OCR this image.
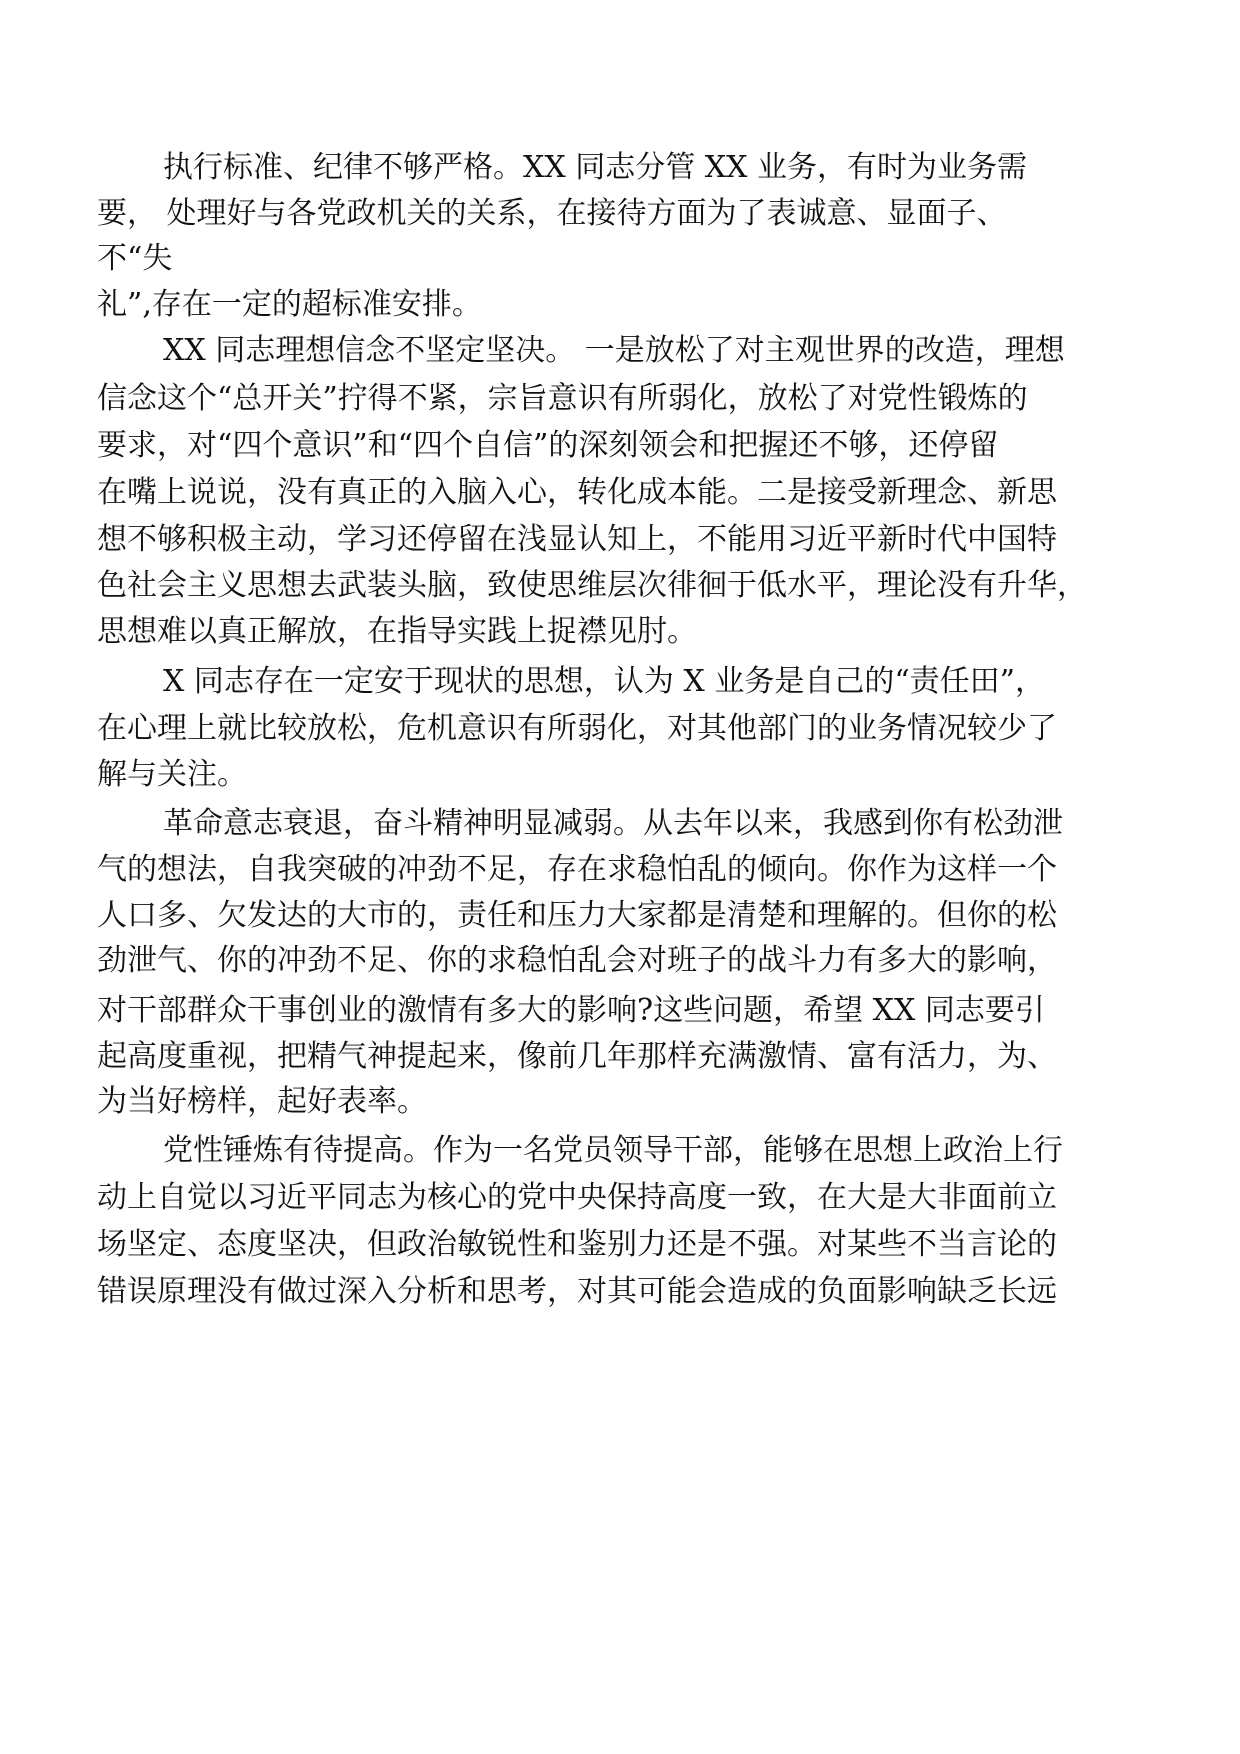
执行标准、纪律不够严格。XX 同志分管 XX 业务，有时为业务需

要， 处理好与各党政机关的关系，在接待方面为了表诚意、显面子、

不“失

礼”,存在一定的超标准安排。

XX 同志理想信念不坚定坚决。 一是放松了对主观世界的改造，理想

信念这个“总开关”拧得不紧，宗旨意识有所弱化，放松了对党性锻炼的

要求，对“四个意识”和“四个自信”的深刻领会和把握还不够，还停留

在嘴上说说，没有真正的入脑入心，转化成本能。二是接受新理念、新思

想不够积极主动，学习还停留在浅显认知上，不能用习近平新时代中国特

色社会主义思想去武装头脑，致使思维层次徘徊于低水平，理论没有升华，

思想难以真正解放，在指导实践上捉襟见肘。

X 同志存在一定安于现状的思想，认为 X 业务是自己的“责任田”，

在心理上就比较放松，危机意识有所弱化，对其他部门的业务情况较少了

解与关注。

革命意志衰退，奋斗精神明显减弱。从去年以来，我感到你有松劲泄

气的想法，自我突破的冲劲不足，存在求稳怕乱的倾向。你作为这样一个

人口多、欠发达的大市的，责任和压力大家都是清楚和理解的。但你的松

劲泄气、你的冲劲不足、你的求稳怕乱会对班子的战斗力有多大的影响，

对干部群众干事创业的激情有多大的影响?这些问题，希望 XX 同志要引

起高度重视，把精气神提起来，像前几年那样充满激情、富有活力，为、

为当好榜样，起好表率。

党性锤炼有待提高。作为一名党员领导干部，能够在思想上政治上行

动上自觉以习近平同志为核心的党中央保持高度一致，在大是大非面前立

场坚定、态度坚决，但政治敏锐性和鉴别力还是不强。对某些不当言论的

错误原理没有做过深入分析和思考，对其可能会造成的负面影响缺乏长远
